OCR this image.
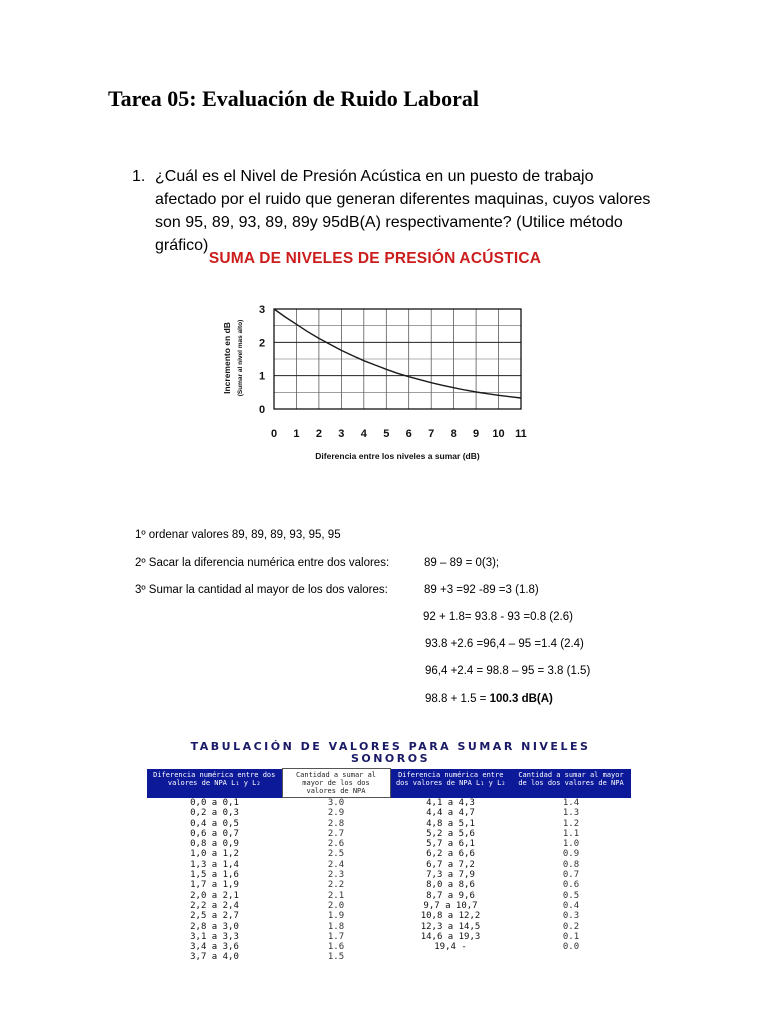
Tarea 05: Evaluación de Ruido Laboral
1. ¿Cuál es el Nivel de Presión Acústica en un puesto de trabajo afectado por el ruido que generan diferentes maquinas, cuyos valores son 95, 89, 93, 89, 89y 95dB(A) respectivamente? (Utilice método gráfico)
SUMA DE NIVELES DE PRESIÓN ACÚSTICA
0 1 2 3 4 5 6 7 8 9 10 11
0
1
2
3
Diferencia entre los niveles a sumar (dB)
Incremento en dB (Sumar al nivel mas alto)
1º ordenar valores 89, 89, 89, 93, 95, 95
2º Sacar la diferencia numérica entre dos valores:	89 – 89 = 0(3);
3º Sumar la cantidad al mayor de los dos valores:	89 +3 =92 -89 =3 (1.8)
92 + 1.8= 93.8 - 93 =0.8 (2.6)
93.8 +2.6 =96,4 – 95 =1.4 (2.4)
96,4 +2.4 = 98.8 – 95 = 3.8 (1.5)
98.8 + 1.5 = 100.3 dB(A)
TABULACIÓN DE VALORES PARA SUMAR NIVELES
SONOROS
Diferencia numérica entre dos valores de NPA L₁ y L₂	Cantidad a sumar al mayor de los dos valores de NPA	Diferencia numérica entre dos valores de NPA L₁ y L₂	Cantidad a sumar al mayor de los dos valores de NPA
0,0 a 0,1	3.0	4,1 a 4,3	1.4
0,2 a 0,3	2.9	4,4 a 4,7	1.3
0,4 a 0,5	2.8	4,8 a 5,1	1.2
0,6 a 0,7	2.7	5,2 a 5,6	1.1
0,8 a 0,9	2.6	5,7 a 6,1	1.0
1,0 a 1,2	2.5	6,2 a 6,6	0.9
1,3 a 1,4	2.4	6,7 a 7,2	0.8
1,5 a 1,6	2.3	7,3 a 7,9	0.7
1,7 a 1,9	2.2	8,0 a 8,6	0.6
2,0 a 2,1	2.1	8,7 a 9,6	0.5
2,2 a 2,4	2.0	9,7 a 10,7	0.4
2,5 a 2,7	1.9	10,8 a 12,2	0.3
2,8 a 3,0	1.8	12,3 a 14,5	0.2
3,1 a 3,3	1.7	14,6 a 19,3	0.1
3,4 a 3,6	1.6	19,4 -	0.0
3,7 a 4,0	1.5		
